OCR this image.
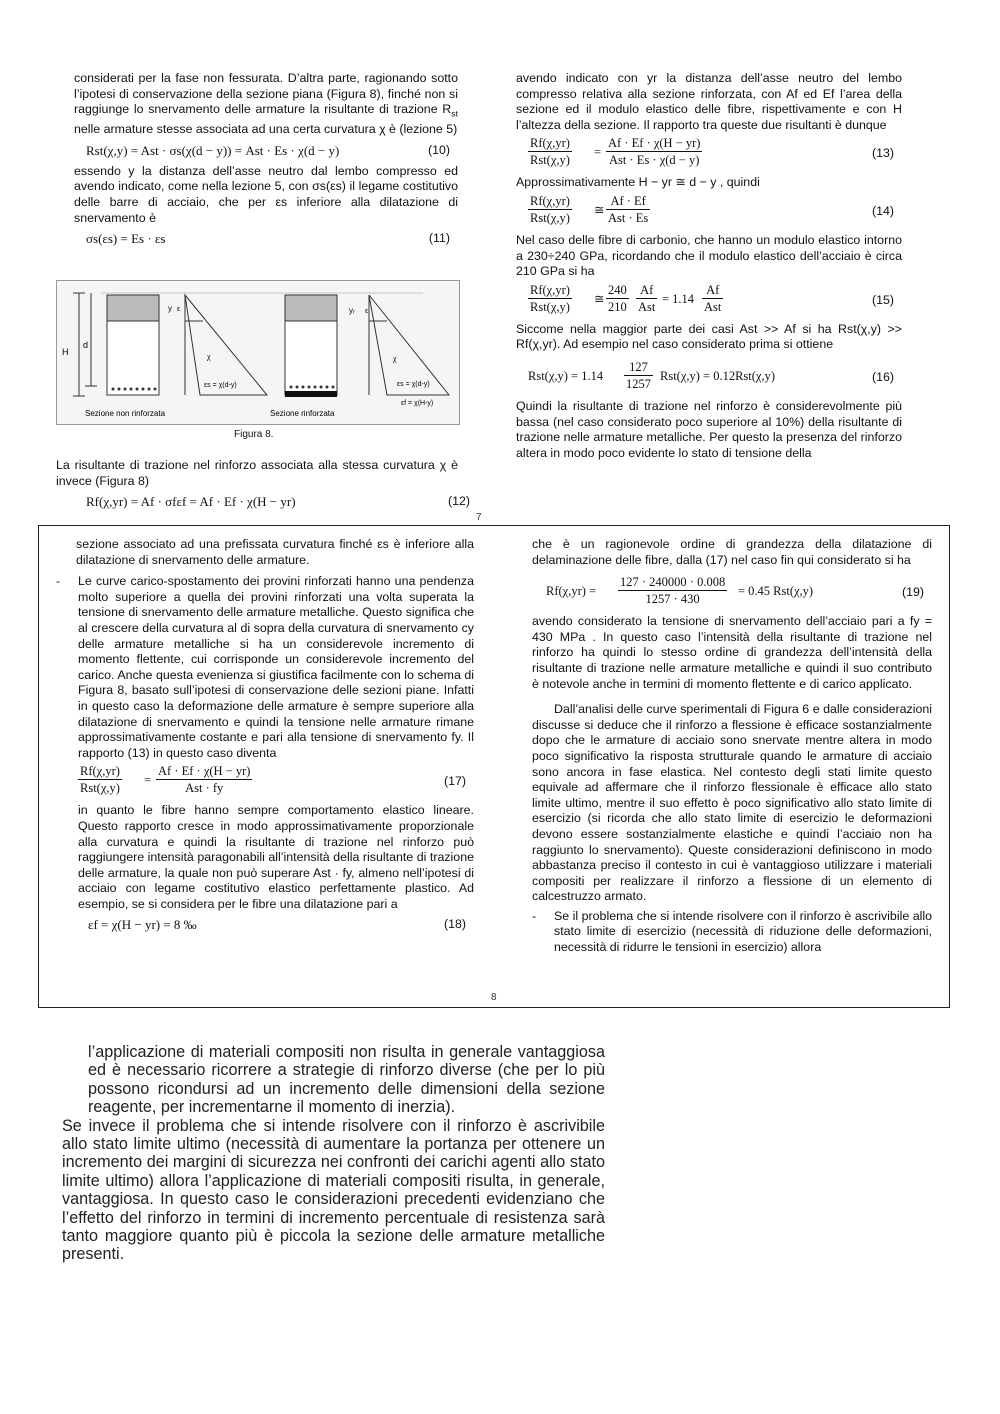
considerati per la fase non fessurata. D’altra parte, ragionando sotto l’ipotesi di conservazione della sezione piana (Figura 8), finché non si raggiunge lo snervamento delle armature la risultante di trazione $R_{st}$ nelle armature stesse associata ad una certa curvatura χ è (lezione 5)

Rst(χ,y) = Ast · σs(χ(d − y)) = Ast · Es · χ(d − y)	(10)

essendo y la distanza dell’asse neutro dal lembo compresso ed avendo indicato, come nella lezione 5, con σs(εs) il legame costitutivo delle barre di acciaio, che per εs inferiore alla dilatazione di snervamento è

σs(εs) = Es · εs	(11)
H
d
y ε
χ
εs = χ(d-y)
Sezione non rinforzata
yᵣ ε
χ
εs = χ(d-y)
εf = χ(H-y)
Sezione rinforzata
Figura 8.

La risultante di trazione nel rinforzo associata alla stessa curvatura χ è invece (Figura 8)

Rf(χ,yr) = Af · σfεf = Af · Ef · χ(H − yr)	(12)

avendo indicato con yr la distanza dell’asse neutro del lembo compresso relativa alla sezione rinforzata, con Af ed Ef l’area della sezione ed il modulo elastico delle fibre, rispettivamente e con H l’altezza della sezione. Il rapporto tra queste due risultanti è dunque

Rf(χ,yr)
Rst(χ,y)
=
Af · Ef · χ(H − yr)
Ast · Es · χ(d − y)	(13)

Approssimativamente H − yr ≅ d − y , quindi

Rf(χ,yr)
Rst(χ,y)
≅
Af · Ef
Ast · Es	(14)

Nel caso delle fibre di carbonio, che hanno un modulo elastico intorno a 230÷240 GPa, ricordando che il modulo elastico dell’acciaio è circa 210 GPa si ha

Rf(χ,yr)
Rst(χ,y)
≅ $\frac{240}{210}$ Af
Ast
= 1.14
Af
Ast	(15)

Siccome nella maggior parte dei casi Ast >> Af si ha Rst(χ,y) >> Rf(χ,yr). Ad esempio nel caso considerato prima si ottiene

$Rst(\chi,y) = 1.14 \frac{127}{1257} Rst(\chi,y) = 0.12Rst(\chi,y)$	(16)

Quindi la risultante di trazione nel rinforzo è considerevolmente più bassa (nel caso considerato poco superiore al 10%) della risultante di trazione nelle armature metalliche. Per questo la presenza del rinforzo altera in modo poco evidente lo stato di tensione della

7

sezione associato ad una prefissata curvatura finché εs è inferiore alla dilatazione di snervamento delle armature.

- Le curve carico-spostamento dei provini rinforzati hanno una pendenza molto superiore a quella dei provini rinforzati una volta superata la tensione di snervamento delle armature metalliche. Questo significa che al crescere della curvatura al di sopra della curvatura di snervamento cy delle armature metalliche si ha un considerevole incremento di momento flettente, cui corrisponde un considerevole incremento del carico. Anche questa evenienza si giustifica facilmente con lo schema di Figura 8, basato sull’ipotesi di conservazione delle sezioni piane. Infatti in questo caso la deformazione delle armature è sempre superiore alla dilatazione di snervamento e quindi la tensione nelle armature rimane approssimativamente costante e pari alla tensione di snervamento fy. Il rapporto (13) in questo caso diventa

Rf(χ,yr)
Rst(χ,y)
=
Af · Ef · χ(H − yr)
Ast · fy	(17)

in quanto le fibre hanno sempre comportamento elastico lineare. Questo rapporto cresce in modo approssimativamente proporzionale alla curvatura e quindi la risultante di trazione nel rinforzo può raggiungere intensità paragonabili all’intensità della risultante di trazione delle armature, la quale non può superare Ast · fy, almeno nell’ipotesi di acciaio con legame costitutivo elastico perfettamente plastico. Ad esempio, se si considera per le fibre una dilatazione pari a

εf = χ(H − yr) = 8 ‰	(18)

che è un ragionevole ordine di grandezza della dilatazione di delaminazione delle fibre, dalla (17) nel caso fin qui considerato si ha

$Rf(\chi,yr) = \frac{127 \cdot 240000 \cdot 0.008}{1257 \cdot 430} = 0.45$ Rst(χ,y)	(19)

avendo considerato la tensione di snervamento dell’acciaio pari a fy = 430 MPa . In questo caso l’intensità della risultante di trazione nel rinforzo ha quindi lo stesso ordine di grandezza dell’intensità della risultante di trazione nelle armature metalliche e quindi il suo contributo è notevole anche in termini di momento flettente e di carico applicato.

Dall’analisi delle curve sperimentali di Figura 6 e dalle considerazioni discusse si deduce che il rinforzo a flessione è efficace sostanzialmente dopo che le armature di acciaio sono snervate mentre altera in modo poco significativo la risposta strutturale quando le armature di acciaio sono ancora in fase elastica. Nel contesto degli stati limite questo equivale ad affermare che il rinforzo flessionale è efficace allo stato limite ultimo, mentre il suo effetto è poco significativo allo stato limite di esercizio (si ricorda che allo stato limite di esercizio le deformazioni devono essere sostanzialmente elastiche e quindi l’acciaio non ha raggiunto lo snervamento). Queste considerazioni definiscono in modo abbastanza preciso il contesto in cui è vantaggioso utilizzare i materiali compositi per realizzare il rinforzo a flessione di un elemento di calcestruzzo armato.

- Se il problema che si intende risolvere con il rinforzo è ascrivibile allo stato limite di esercizio (necessità di riduzione delle deformazioni, necessità di ridurre le tensioni in esercizio) allora

8

l’applicazione di materiali compositi non risulta in generale vantaggiosa ed è necessario ricorrere a strategie di rinforzo diverse (che per lo più possono ricondursi ad un incremento delle dimensioni della sezione reagente, per incrementarne il momento di inerzia).

Se invece il problema che si intende risolvere con il rinforzo è ascrivibile allo stato limite ultimo (necessità di aumentare la portanza per ottenere un incremento dei margini di sicurezza nei confronti dei carichi agenti allo stato limite ultimo) allora l’applicazione di materiali compositi risulta, in generale, vantaggiosa. In questo caso le considerazioni precedenti evidenziano che l’effetto del rinforzo in termini di incremento percentuale di resistenza sarà tanto maggiore quanto più è piccola la sezione delle armature metalliche presenti.
